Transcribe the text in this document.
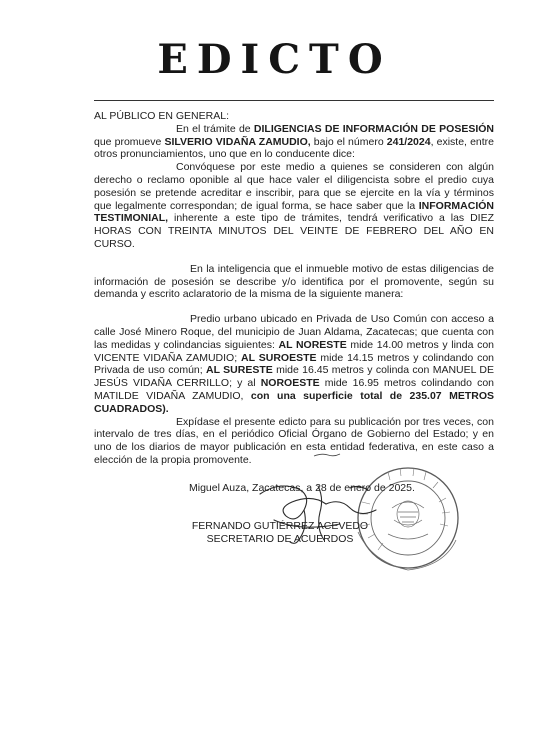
EDICTO

AL PÚBLICO EN GENERAL:

En el trámite de DILIGENCIAS DE INFORMACIÓN DE POSESIÓN que promueve SILVERIO VIDAÑA ZAMUDIO, bajo el número 241/2024, existe, entre otros pronunciamientos, uno que en lo conducente dice:

Convóquese por este medio a quienes se consideren con algún derecho o reclamo oponible al que hace valer el diligencista sobre el predio cuya posesión se pretende acreditar e inscribir, para que se ejercite en la vía y términos que legalmente correspondan; de igual forma, se hace saber que la INFORMACIÓN TESTIMONIAL, inherente a este tipo de trámites, tendrá verificativo a las DIEZ HORAS CON TREINTA MINUTOS DEL VEINTE DE FEBRERO DEL AÑO EN CURSO.

En la inteligencia que el inmueble motivo de estas diligencias de información de posesión se describe y/o identifica por el promovente, según su demanda y escrito aclaratorio de la misma de la siguiente manera:

Predio urbano ubicado en Privada de Uso Común con acceso a calle José Minero Roque, del municipio de Juan Aldama, Zacatecas; que cuenta con las medidas y colindancias siguientes: AL NORESTE mide 14.00 metros y linda con VICENTE VIDAÑA ZAMUDIO; AL SUROESTE mide 14.15 metros y colindando con Privada de uso común; AL SURESTE mide 16.45 metros y colinda con MANUEL DE JESÚS VIDAÑA CERRILLO; y al NOROESTE mide 16.95 metros colindando con MATILDE VIDAÑA ZAMUDIO, con una superficie total de 235.07 METROS CUADRADOS).

Expídase el presente edicto para su publicación por tres veces, con intervalo de tres días, en el periódico Oficial Órgano de Gobierno del Estado; y en uno de los diarios de mayor publicación en esta entidad federativa, en este caso a elección de la propia promovente.

Miguel Auza, Zacatecas, a 28 de enero de 2025.
FERNANDO GUTIÉRREZ ACEVEDO
SECRETARIO DE ACUERDOS
